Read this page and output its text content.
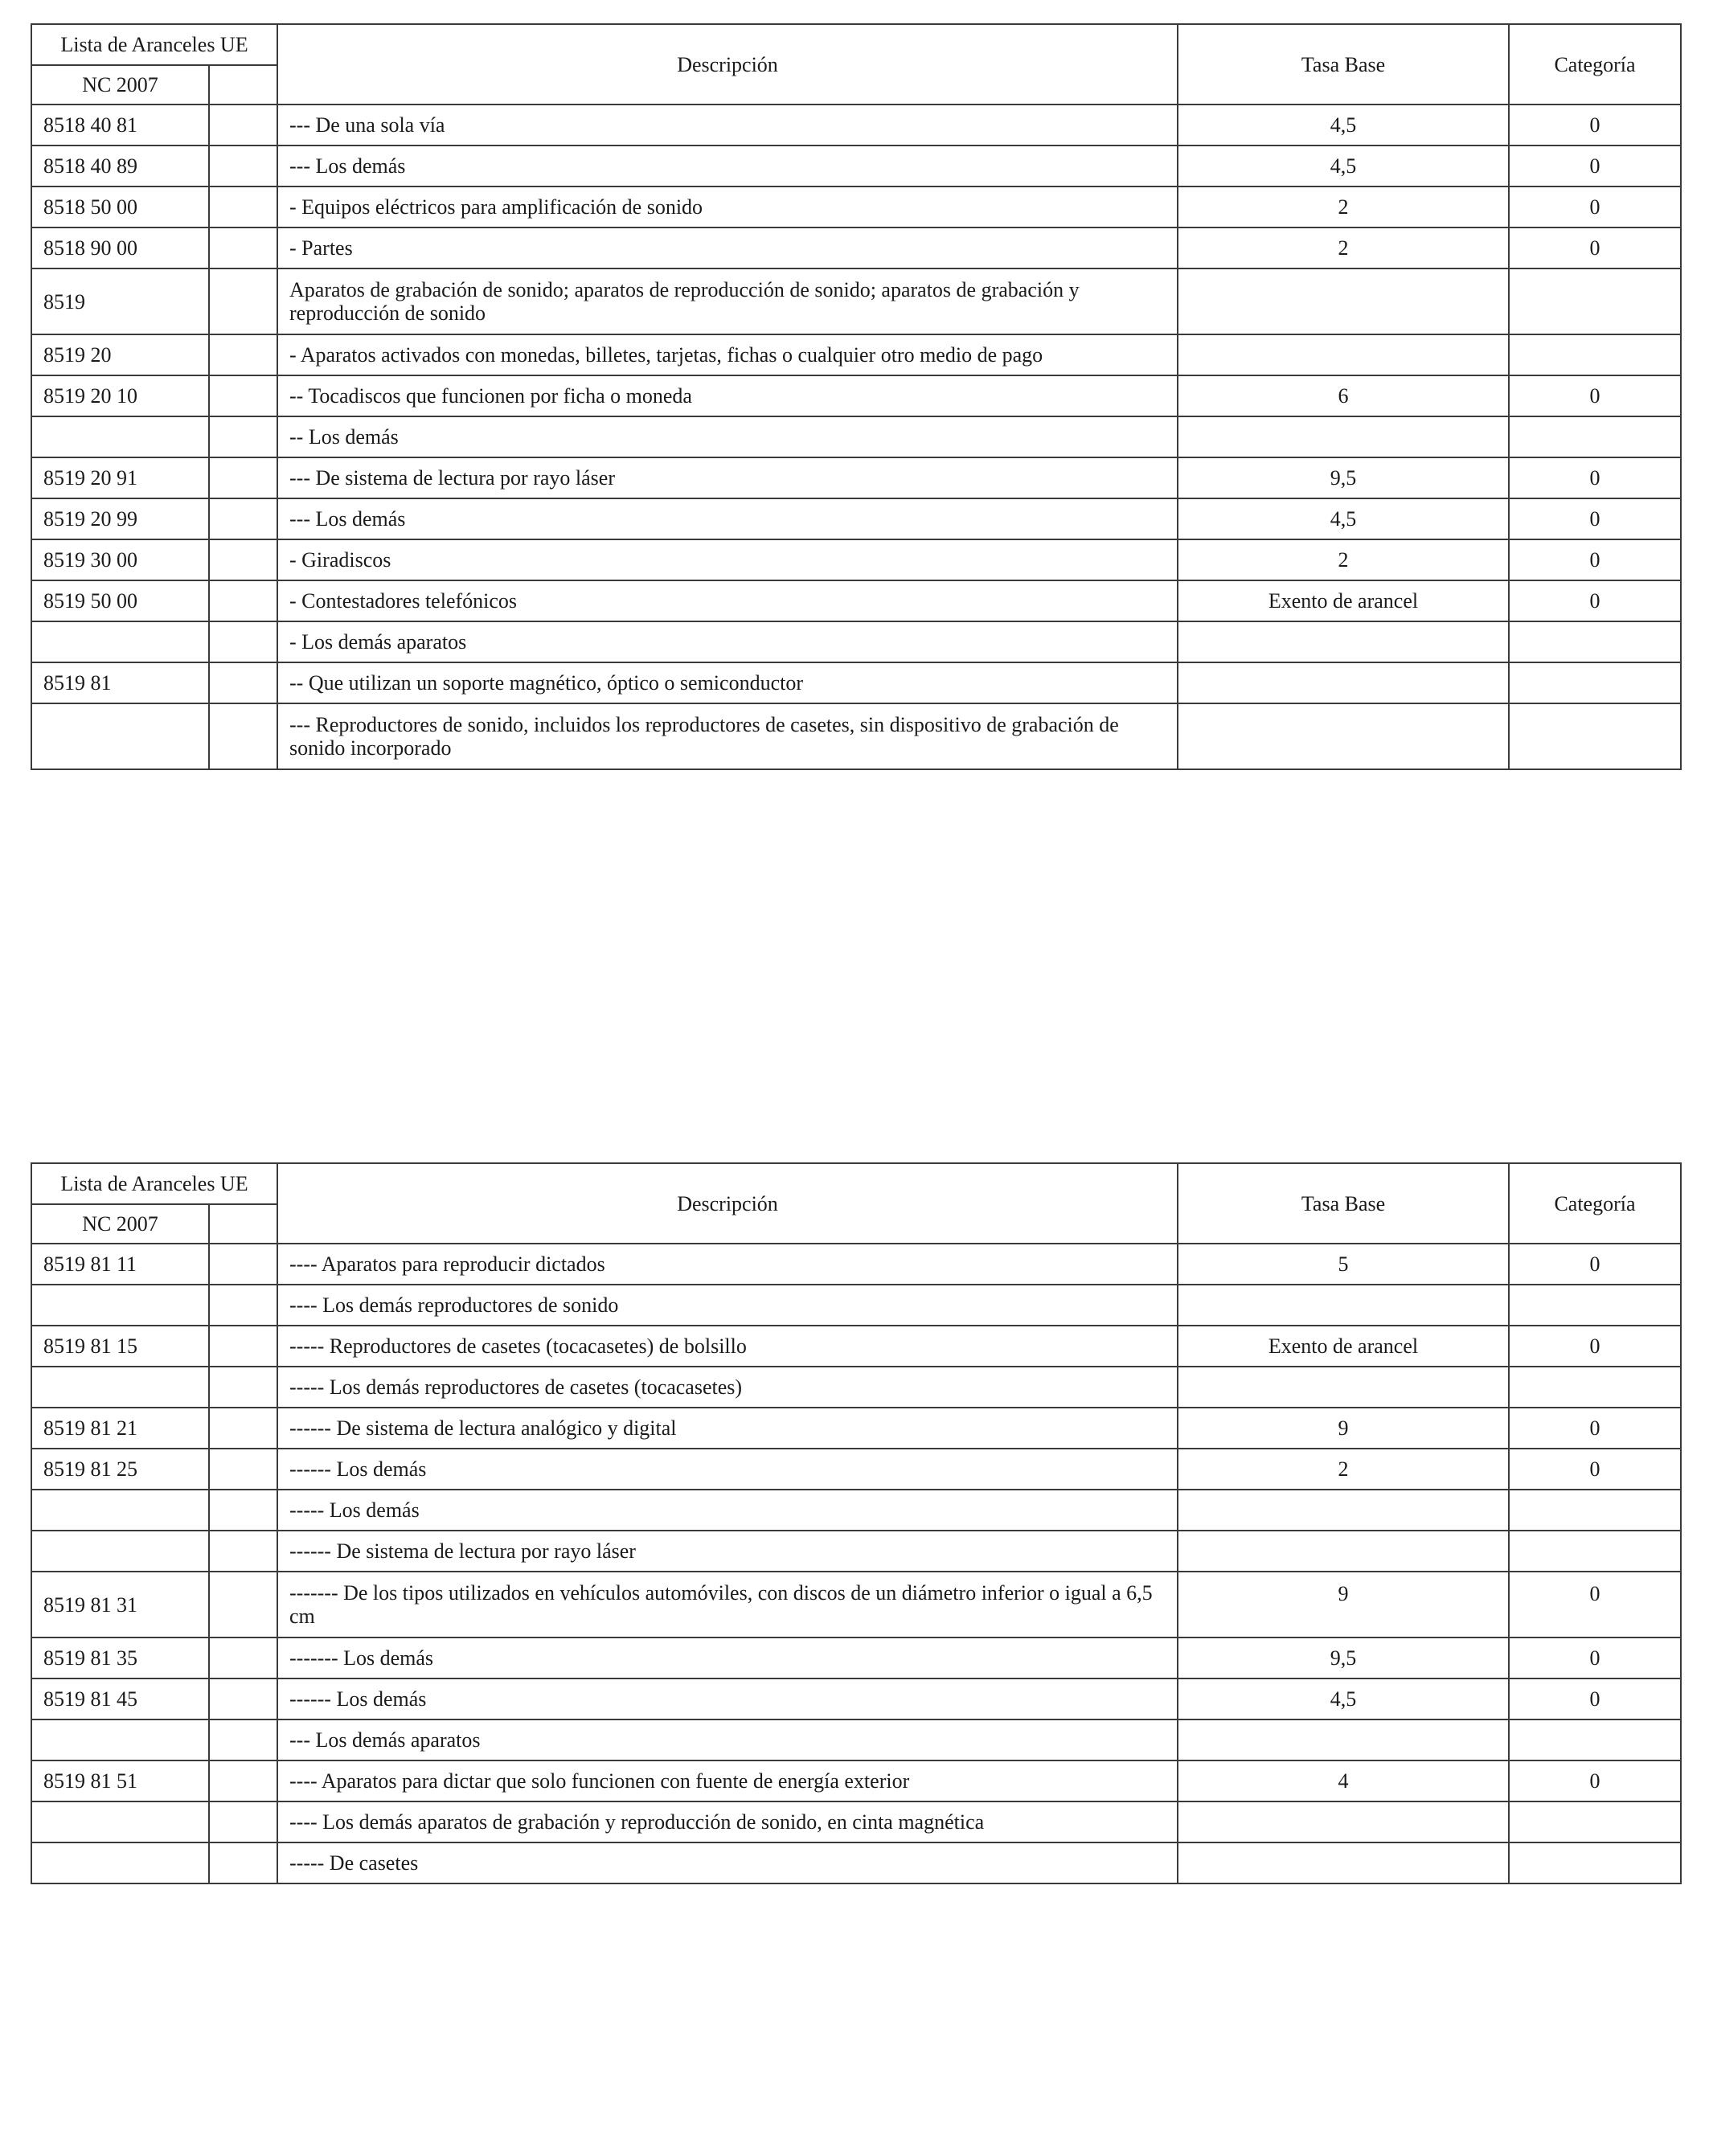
Lista de Aranceles UE		Descripción	Tasa Base	Categoría
NC 2007				
8518 40 81		--- De una sola vía	4,5	0
8518 40 89		--- Los demás	4,5	0
8518 50 00		- Equipos eléctricos para amplificación de sonido	2	0
8518 90 00		- Partes	2	0
8519		Aparatos de grabación de sonido; aparatos de reproducción de sonido; aparatos de grabación y reproducción de sonido		
8519 20		- Aparatos activados con monedas, billetes, tarjetas, fichas o cualquier otro medio de pago		
8519 20 10		-- Tocadiscos que funcionen por ficha o moneda	6	0
		-- Los demás		
8519 20 91		--- De sistema de lectura por rayo láser	9,5	0
8519 20 99		--- Los demás	4,5	0
8519 30 00		- Giradiscos	2	0
8519 50 00		- Contestadores telefónicos	Exento de arancel	0
		- Los demás aparatos		
8519 81		-- Que utilizan un soporte magnético, óptico o semiconductor		
		--- Reproductores de sonido, incluidos los reproductores de casetes, sin dispositivo de grabación de sonido incorporado		
Lista de Aranceles UE		Descripción	Tasa Base	Categoría
NC 2007				
8519 81 11		---- Aparatos para reproducir dictados	5	0
		---- Los demás reproductores de sonido		
8519 81 15		----- Reproductores de casetes (tocacasetes) de bolsillo	Exento de arancel	0
		----- Los demás reproductores de casetes (tocacasetes)		
8519 81 21		------ De sistema de lectura analógico y digital	9	0
8519 81 25		------ Los demás	2	0
		----- Los demás		
		------ De sistema de lectura por rayo láser		
8519 81 31		------- De los tipos utilizados en vehículos automóviles, con discos de un diámetro inferior o igual a 6,5 cm	9	0
8519 81 35		------- Los demás	9,5	0
8519 81 45		------ Los demás	4,5	0
		--- Los demás aparatos		
8519 81 51		---- Aparatos para dictar que solo funcionen con fuente de energía exterior	4	0
		---- Los demás aparatos de grabación y reproducción de sonido, en cinta magnética		
		----- De casetes		
